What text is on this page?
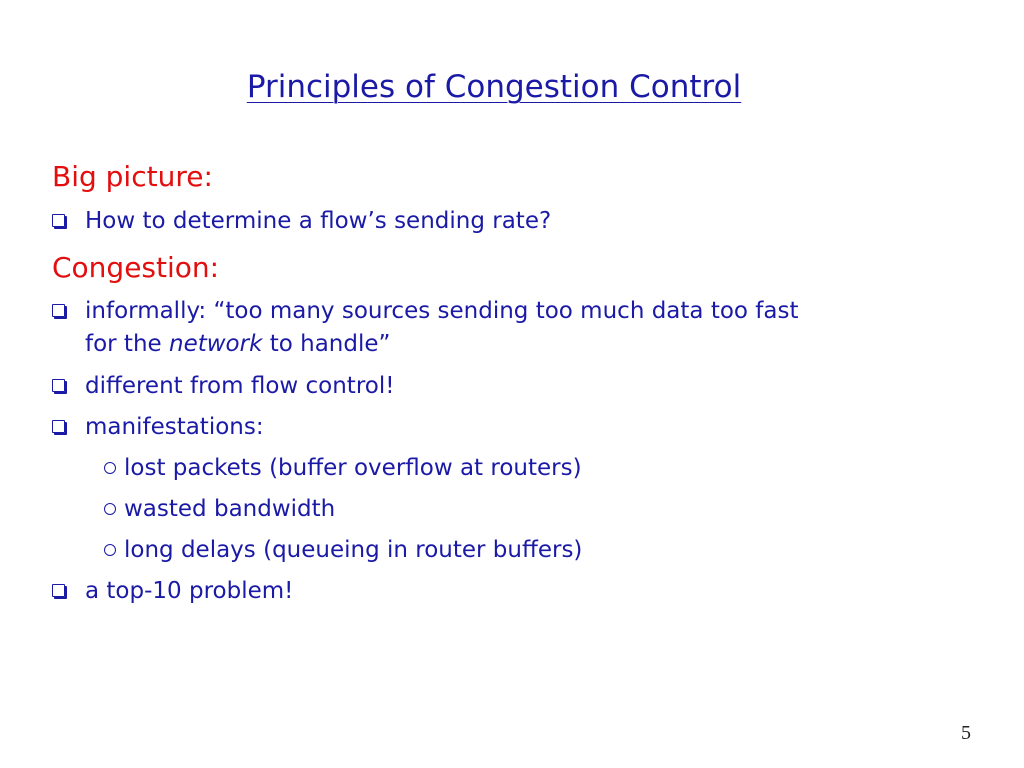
Principles of Congestion Control
Big picture:
How to determine a flow’s sending rate?
Congestion:
informally: “too many sources sending too much data too fast
for the network to handle”
different from flow control!
manifestations:
lost packets (buffer overflow at routers)
wasted bandwidth
long delays (queueing in router buffers)
a top-10 problem!
5
